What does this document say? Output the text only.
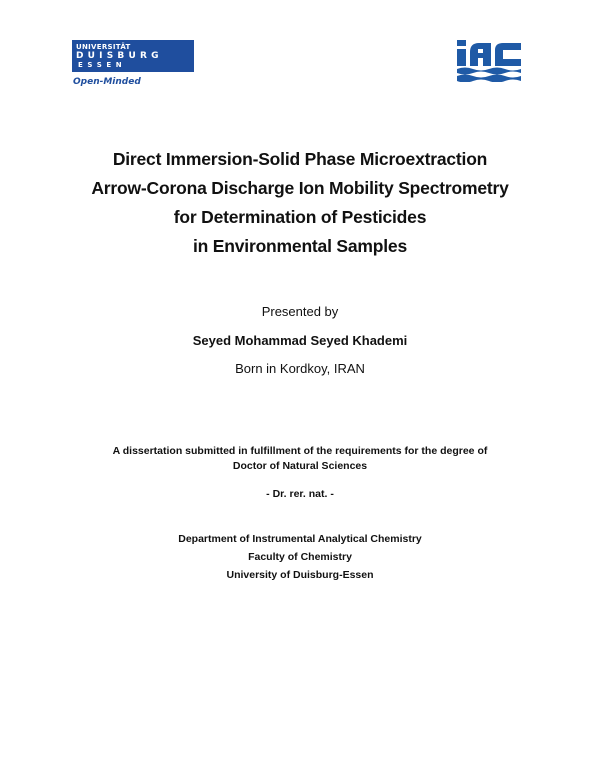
UNIVERSITÄT
DUISBURG
ESSEN
Open-Minded
Direct Immersion-Solid Phase Microextraction
Arrow-Corona Discharge Ion Mobility Spectrometry
for Determination of Pesticides
in Environmental Samples
Presented by
Seyed Mohammad Seyed Khademi
Born in Kordkoy, IRAN
A dissertation submitted in fulfillment of the requirements for the degree of
Doctor of Natural Sciences
- Dr. rer. nat. -
Department of Instrumental Analytical Chemistry
Faculty of Chemistry
University of Duisburg-Essen
